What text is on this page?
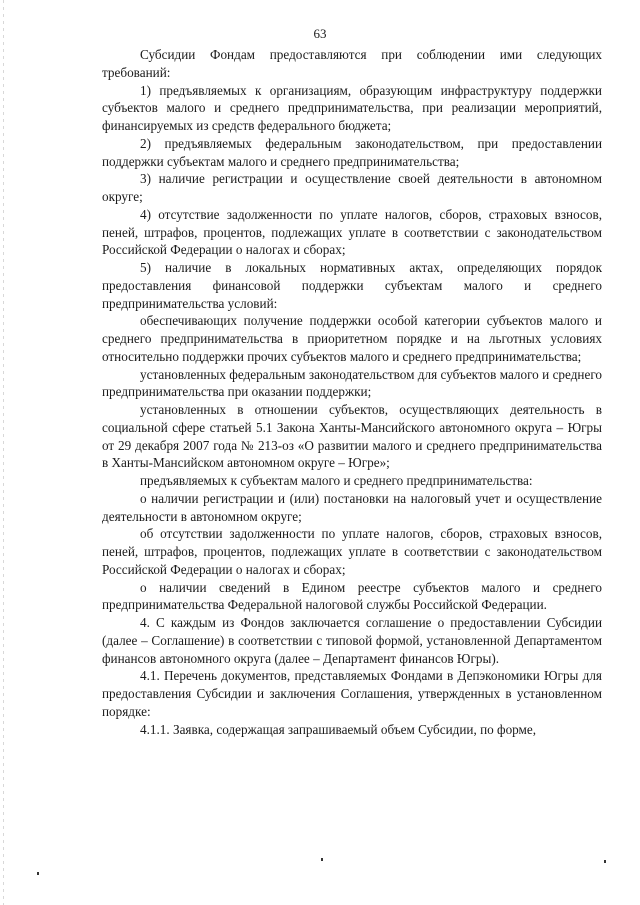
63

Субсидии Фондам предоставляются при соблюдении ими следующих требований:

1) предъявляемых к организациям, образующим инфраструктуру поддержки субъектов малого и среднего предпринимательства, при реализации мероприятий, финансируемых из средств федерального бюджета;

2) предъявляемых федеральным законодательством, при предоставлении поддержки субъектам малого и среднего предпринимательства;

3) наличие регистрации и осуществление своей деятельности в автономном округе;

4) отсутствие задолженности по уплате налогов, сборов, страховых взносов, пеней, штрафов, процентов, подлежащих уплате в соответствии с законодательством Российской Федерации о налогах и сборах;

5) наличие в локальных нормативных актах, определяющих порядок предоставления финансовой поддержки субъектам малого и среднего предпринимательства условий:

обеспечивающих получение поддержки особой категории субъектов малого и среднего предпринимательства в приоритетном порядке и на льготных условиях относительно поддержки прочих субъектов малого и среднего предпринимательства;

установленных федеральным законодательством для субъектов малого и среднего предпринимательства при оказании поддержки;

установленных в отношении субъектов, осуществляющих деятельность в социальной сфере статьей 5.1 Закона Ханты-Мансийского автономного округа – Югры от 29 декабря 2007 года № 213-оз «О развитии малого и среднего предпринимательства в Ханты-Мансийском автономном округе – Югре»;

предъявляемых к субъектам малого и среднего предпринимательства:

о наличии регистрации и (или) постановки на налоговый учет и осуществление деятельности в автономном округе;

об отсутствии задолженности по уплате налогов, сборов, страховых взносов, пеней, штрафов, процентов, подлежащих уплате в соответствии с законодательством Российской Федерации о налогах и сборах;

о наличии сведений в Едином реестре субъектов малого и среднего предпринимательства Федеральной налоговой службы Российской Федерации.

4. С каждым из Фондов заключается соглашение о предоставлении Субсидии (далее – Соглашение) в соответствии с типовой формой, установленной Департаментом финансов автономного округа (далее – Департамент финансов Югры).

4.1. Перечень документов, представляемых Фондами в Депэкономики Югры для предоставления Субсидии и заключения Соглашения, утвержденных в установленном порядке:

4.1.1. Заявка, содержащая запрашиваемый объем Субсидии, по форме,
